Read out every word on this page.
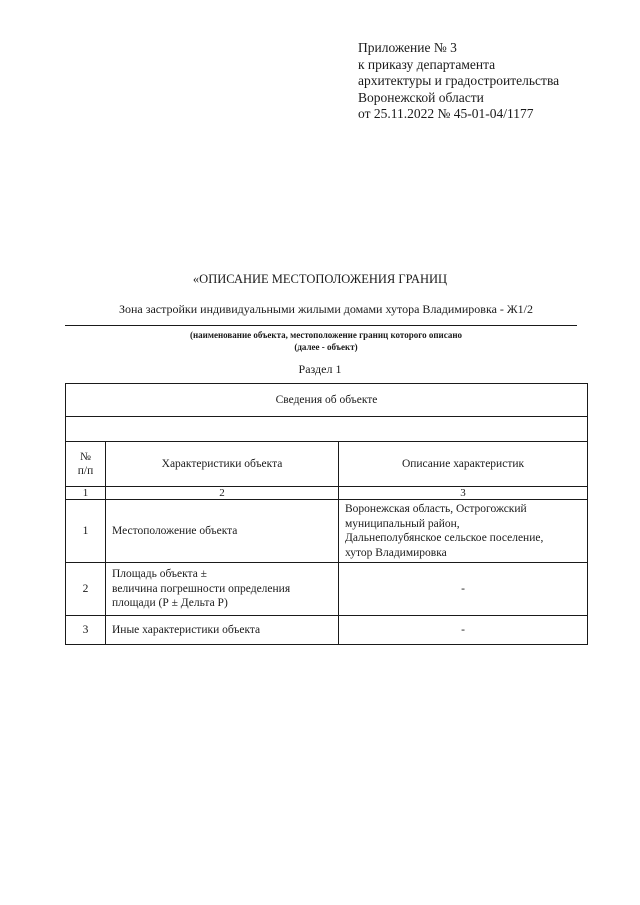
Приложение № 3
к приказу департамента
архитектуры и градостроительства
Воронежской области
от 25.11.2022 № 45-01-04/1177
«ОПИСАНИЕ МЕСТОПОЛОЖЕНИЯ ГРАНИЦ
Зона застройки индивидуальными жилыми домами хутора Владимировка - Ж1/2
(наименование объекта, местоположение границ которого описано
(далее - объект)
Раздел 1
Сведения об объекте		

№
п/п	Характеристики объекта	Описание характеристик
1	2	3
1	Местоположение объекта	Воронежская область, Острогожский
муниципальный район,
Дальнеполубянское сельское поселение,
хутор Владимировка
2	Площадь объекта ±
величина погрешности определения
площади (Р ± Дельта Р)	-
3	Иные характеристики объекта	-
